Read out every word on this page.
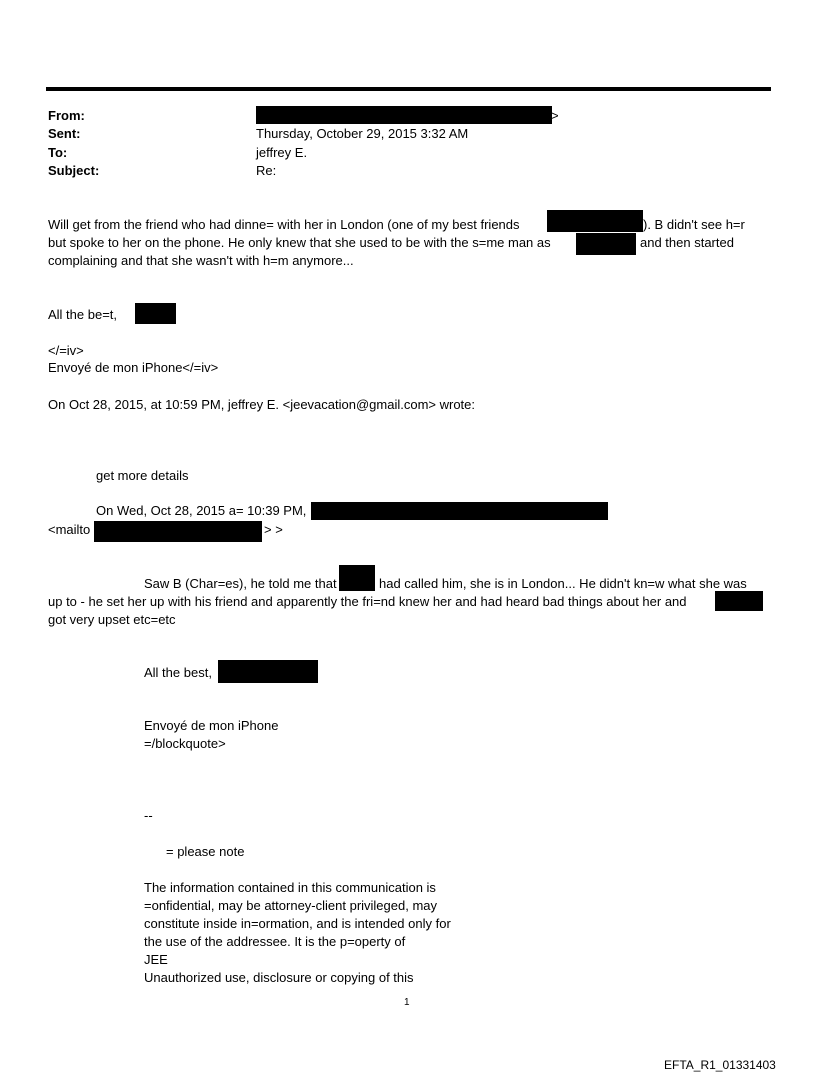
From:	>
Sent:	Thursday, October 29, 2015 3:32 AM
To:	jeffrey E.
Subject:	Re:
Will get from the friend who had dinne= with her in London (one of my best friends	). B didn't see h=r
but spoke to her on the phone. He only knew that she used to be with the s=me man as	and then started
complaining and that she wasn't with h=m anymore...
All the be=t,
</=iv>
Envoyé de mon iPhone</=iv>
On Oct 28, 2015, at 10:59 PM, jeffrey E. <jeevacation@gmail.com> wrote:
get more details
On Wed, Oct 28, 2015 a= 10:39 PM,
<mailto	> >
Saw B (Char=es), he told me that	had called him, she is in London... He didn't kn=w what she was
up to - he set her up with his friend and apparently the fri=nd knew her and had heard bad things about her and
got very upset etc=etc
All the best,
Envoyé de mon iPhone
=/blockquote>
--
= please note
The information contained in this communication is
=onfidential, may be attorney-client privileged, may
constitute inside in=ormation, and is intended only for
the use of the addressee. It is the p=operty of
JEE
Unauthorized use, disclosure or copying of this
1
EFTA_R1_01331403
